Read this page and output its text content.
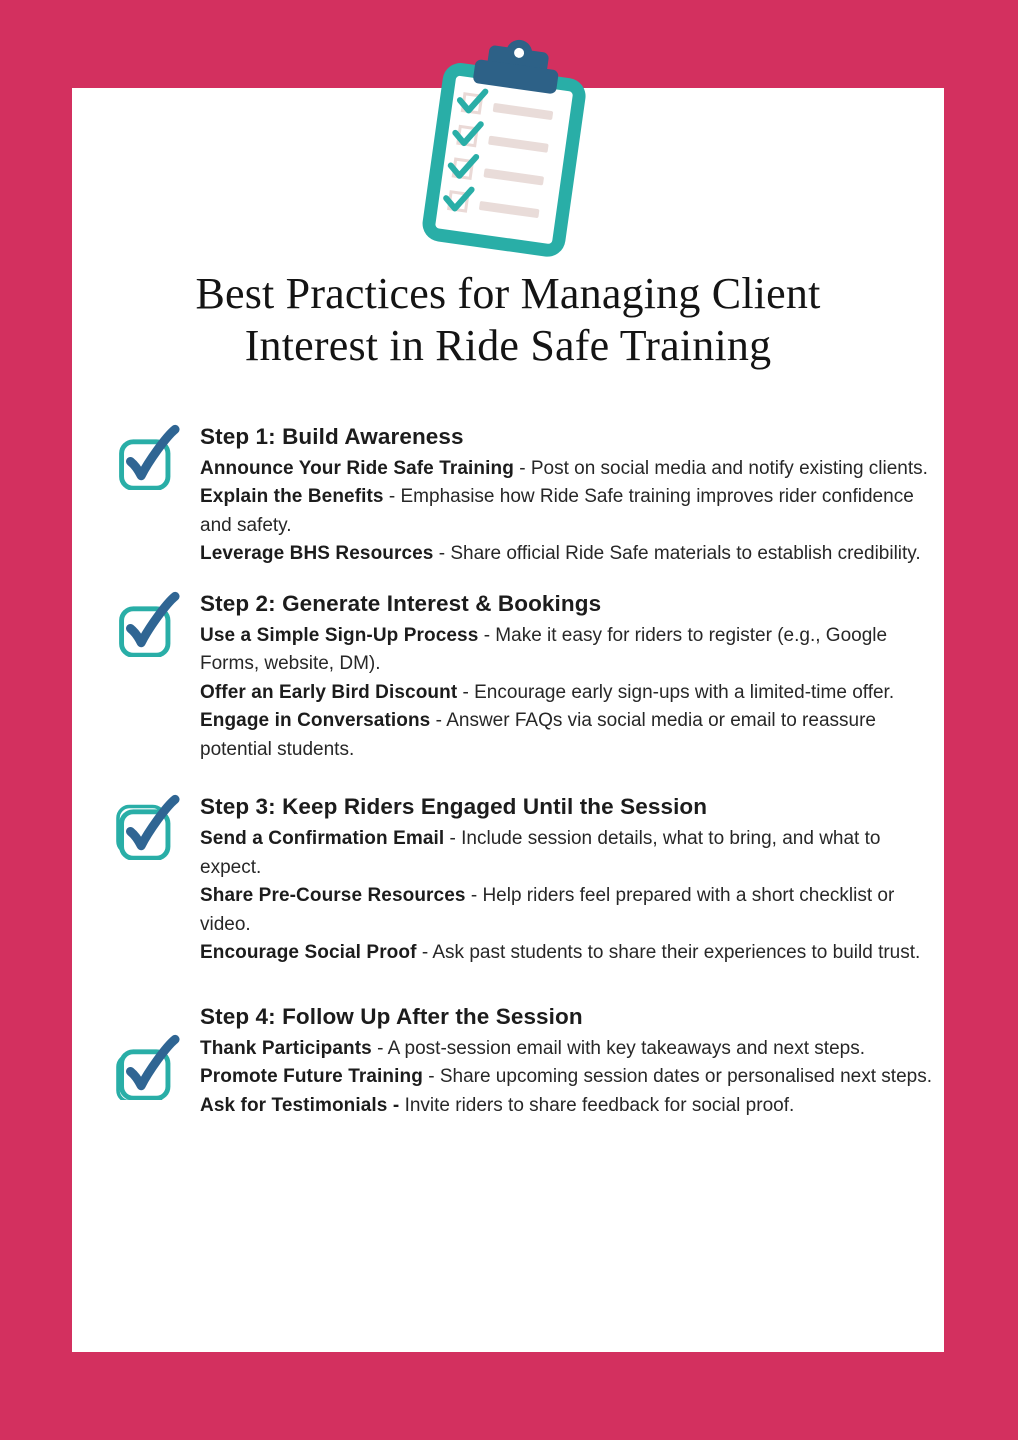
Best Practices for Managing Client
Interest in Ride Safe Training
Step 1: Build Awareness

Announce Your Ride Safe Training - Post on social media and notify existing clients.

Explain the Benefits - Emphasise how Ride Safe training improves rider confidence and safety.

Leverage BHS Resources - Share official Ride Safe materials to establish credibility.

Step 2: Generate Interest & Bookings

Use a Simple Sign-Up Process - Make it easy for riders to register (e.g., Google Forms, website, DM).

Offer an Early Bird Discount - Encourage early sign-ups with a limited-time offer.

Engage in Conversations - Answer FAQs via social media or email to reassure potential students.

Step 3: Keep Riders Engaged Until the Session

Send a Confirmation Email - Include session details, what to bring, and what to expect.

Share Pre-Course Resources - Help riders feel prepared with a short checklist or video.

Encourage Social Proof - Ask past students to share their experiences to build trust.

Step 4: Follow Up After the Session

Thank Participants - A post-session email with key takeaways and next steps.

Promote Future Training - Share upcoming session dates or personalised next steps.

Ask for Testimonials - Invite riders to share feedback for social proof.
